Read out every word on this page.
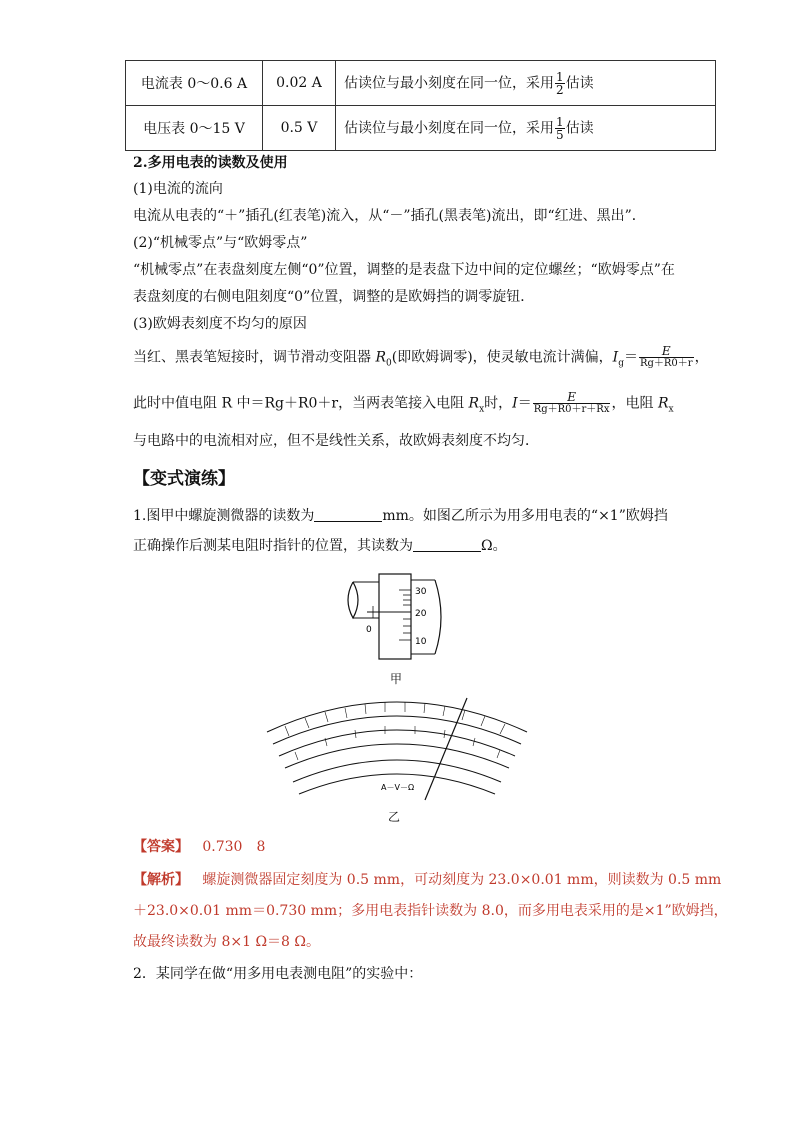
电流表 0～0.6 A	0.02 A	估读位与最小刻度在同一位，采用 $\frac{1}{2}$ 估读
电压表 0～15 V	0.5 V	估读位与最小刻度在同一位，采用 $\frac{1}{5}$ 估读
2.多用电表的读数及使用
(1)电流的流向
电流从电表的“＋”插孔(红表笔)流入，从“－”插孔(黑表笔)流出，即“红进、黑出”．
(2)“机械零点”与“欧姆零点”
“机械零点”在表盘刻度左侧“0”位置，调整的是表盘下边中间的定位螺丝；“欧姆零点”在
表盘刻度的右侧电阻刻度“0”位置，调整的是欧姆挡的调零旋钮．
(3)欧姆表刻度不均匀的原因
当红、黑表笔短接时，调节滑动变阻器 $R_0$(即欧姆调零)，使灵敏电流计满偏，$I_g= \frac{E}{Rg+R0+r}$ ，
此时中值电阻 R 中＝Rg＋R0＋r，当两表笔接入电阻 $R_x$时，$I= \frac{E}{Rg+R0+r+Rx}$ ，电阻 $R_x$
与电路中的电流相对应，但不是线性关系，故欧姆表刻度不均匀．
【变式演练】
1.图甲中螺旋测微器的读数为	mm。如图乙所示为用多用电表的“×1”欧姆挡
正确操作后测某电阻时指针的位置，其读数为	Ω。
30
20
10
0
甲
A－V－Ω
乙
【答案】 0.730　8
【解析】 螺旋测微器固定刻度为 0.5 mm，可动刻度为 23.0×0.01 mm，则读数为 0.5 mm
＋23.0×0.01 mm＝0.730 mm；多用电表指针读数为 8.0，而多用电表采用的是×1”欧姆挡，
故最终读数为 8×1 Ω＝8 Ω。
2．某同学在做“用多用电表测电阻”的实验中：
